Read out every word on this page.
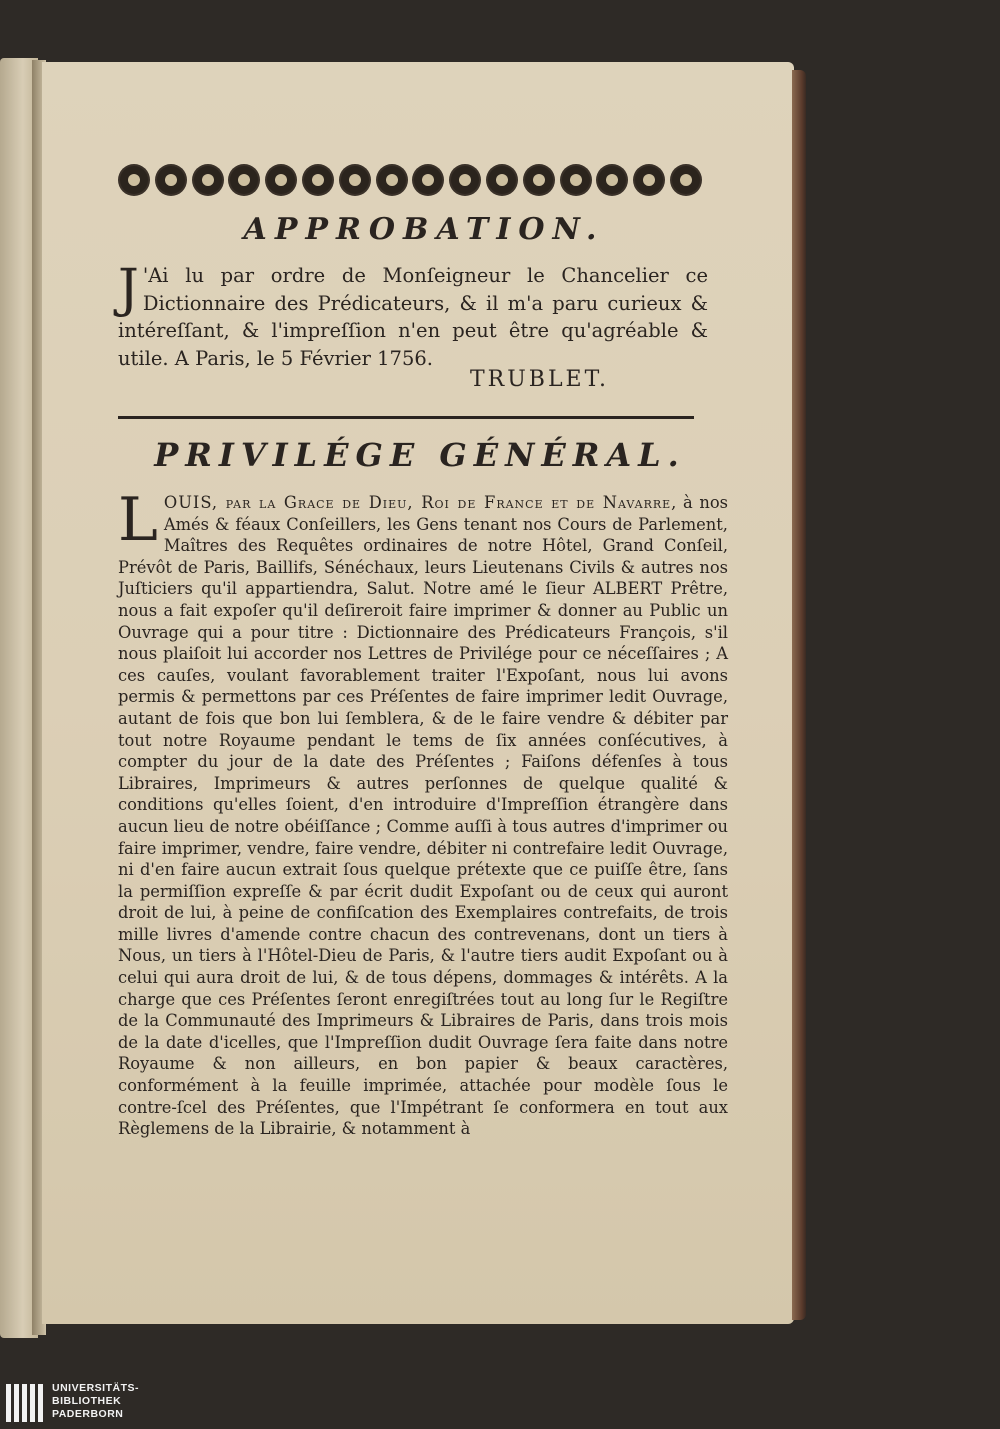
APPROBATION.
J 'Ai lu par ordre de Monſeigneur le Chancelier ce Dictionnaire des Prédicateurs, & il m'a paru curieux & intéreſſant, & l'impreſſion n'en peut être qu'agréable & utile. A Paris, le 5 Février 1756.
TRUBLET.
PRIVILÉGE GÉNÉRAL.
LOUIS, par la Grace de Dieu, Roi de France et de Navarre, à nos Amés & féaux Conſeillers, les Gens tenant nos Cours de Parlement, Maîtres des Requêtes ordinaires de notre Hôtel, Grand Conſeil, Prévôt de Paris, Baillifs, Sénéchaux, leurs Lieutenans Civils & autres nos Juſticiers qu'il appartiendra, Salut. Notre amé le ſieur ALBERT Prêtre, nous a fait expoſer qu'il deſireroit faire imprimer & donner au Public un Ouvrage qui a pour titre : Dictionnaire des Prédicateurs François, s'il nous plaiſoit lui accorder nos Lettres de Privilége pour ce néceſſaires ; A ces cauſes, voulant favorablement traiter l'Expoſant, nous lui avons permis & permettons par ces Préſentes de faire imprimer ledit Ouvrage, autant de fois que bon lui ſemblera, & de le faire vendre & débiter par tout notre Royaume pendant le tems de ſix années conſécutives, à compter du jour de la date des Préſentes ; Faiſons défenſes à tous Libraires, Imprimeurs & autres perſonnes de quelque qualité & conditions qu'elles ſoient, d'en introduire d'Impreſſion étrangère dans aucun lieu de notre obéiſſance ; Comme auſſi à tous autres d'imprimer ou faire imprimer, vendre, faire vendre, débiter ni contrefaire ledit Ouvrage, ni d'en faire aucun extrait ſous quelque prétexte que ce puiſſe être, ſans la permiſſion expreſſe & par écrit dudit Expoſant ou de ceux qui auront droit de lui, à peine de confiſcation des Exemplaires contrefaits, de trois mille livres d'amende contre chacun des contrevenans, dont un tiers à Nous, un tiers à l'Hôtel-Dieu de Paris, & l'autre tiers audit Expoſant ou à celui qui aura droit de lui, & de tous dépens, dommages & intérêts. A la charge que ces Préſentes ſeront enregiſtrées tout au long ſur le Regiſtre de la Communauté des Imprimeurs & Libraires de Paris, dans trois mois de la date d'icelles, que l'Impreſſion dudit Ouvrage ſera faite dans notre Royaume & non ailleurs, en bon papier & beaux caractères, conformément à la feuille imprimée, attachée pour modèle ſous le contre-ſcel des Préſentes, que l'Impétrant ſe conformera en tout aux Règlemens de la Librairie, & notamment à
UNIVERSITÄTS-
BIBLIOTHEK
PADERBORN
